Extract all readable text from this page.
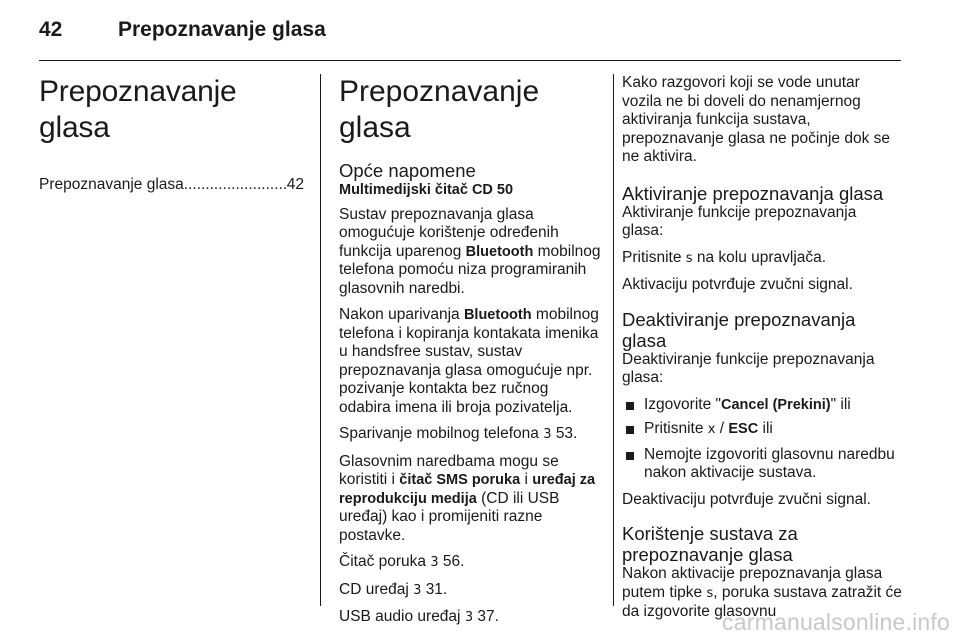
42	Prepoznavanje glasa
Prepoznavanje glasa
Prepoznavanje glasa
.....	42
Prepoznavanje glasa
Opće napomene
Multimedijski čitač CD 50

Sustav prepoznavanja glasa omogućuje korištenje određenih funkcija uparenog Bluetooth mobilnog telefona pomoću niza programiranih glasovnih naredbi.

Nakon uparivanja Bluetooth mobilnog telefona i kopiranja kontakata imenika u handsfree sustav, sustav prepoznavanja glasa omogućuje npr. pozivanje kontakta bez ručnog odabira imena ili broja pozivatelja.

Sparivanje mobilnog telefona 3 53.

Glasovnim naredbama mogu se koristiti i čitač SMS poruka i uređaj za reprodukciju medija (CD ili USB uređaj) kao i promijeniti razne postavke.

Čitač poruka 3 56.

CD uređaj 3 31.

USB audio uređaj 3 37.

Kako razgovori koji se vode unutar vozila ne bi doveli do nenamjernog aktiviranja funkcija sustava, prepoznavanje glasa ne počinje dok se ne aktivira.

Aktiviranje prepoznavanja glasa

Aktiviranje funkcije prepoznavanja glasa:

Pritisnite s na kolu upravljača.

Aktivaciju potvrđuje zvučni signal.

Deaktiviranje prepoznavanja glasa

Deaktiviranje funkcije prepoznavanja glasa:

Izgovorite "Cancel (Prekini)" ili
Pritisnite x / ESC ili
Nemojte izgovoriti glasovnu naredbu nakon aktivacije sustava.

Deaktivaciju potvrđuje zvučni signal.

Korištenje sustava za prepoznavanje glasa

Nakon aktivacije prepoznavanja glasa putem tipke s, poruka sustava zatražit će da izgovorite glasovnu

carmanualsonline.info
